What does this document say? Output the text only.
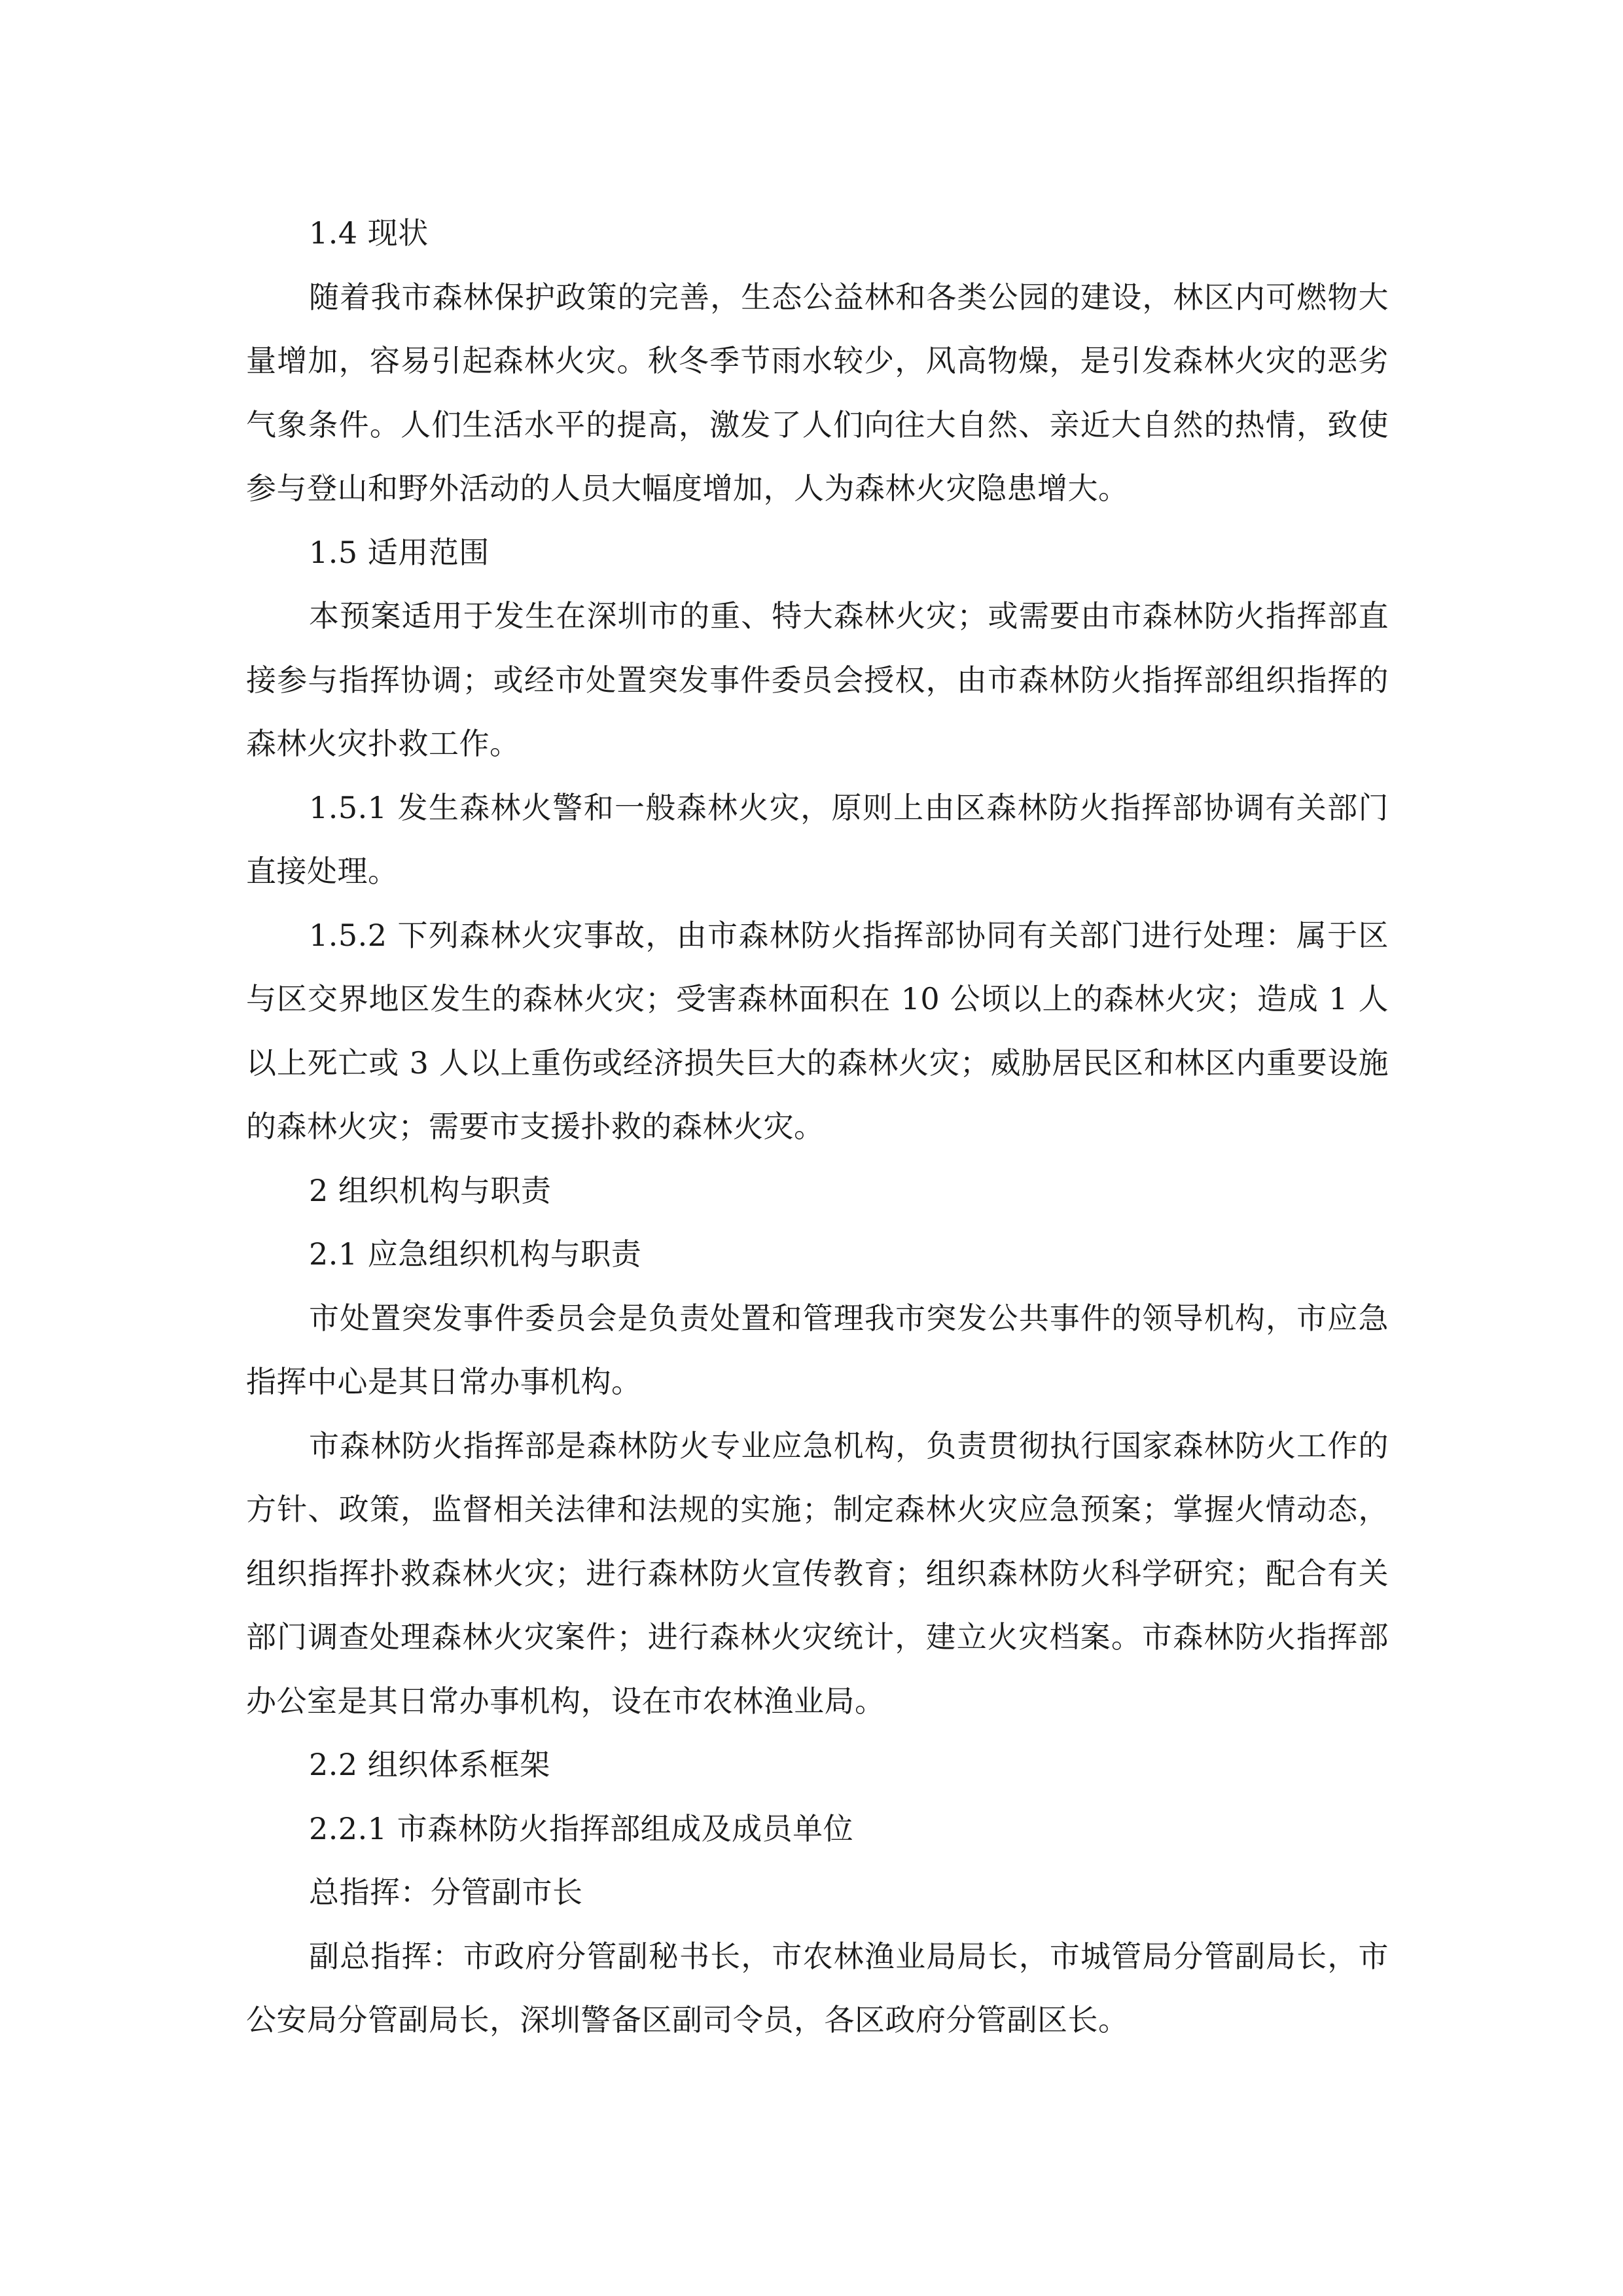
1.4 现状

随着我市森林保护政策的完善，生态公益林和各类公园的建设，林区内可燃物大量增加，容易引起森林火灾。秋冬季节雨水较少，风高物燥，是引发森林火灾的恶劣气象条件。人们生活水平的提高，激发了人们向往大自然、亲近大自然的热情，致使参与登山和野外活动的人员大幅度增加，人为森林火灾隐患增大。

1.5 适用范围

本预案适用于发生在深圳市的重、特大森林火灾；或需要由市森林防火指挥部直接参与指挥协调；或经市处置突发事件委员会授权，由市森林防火指挥部组织指挥的森林火灾扑救工作。

1.5.1 发生森林火警和一般森林火灾，原则上由区森林防火指挥部协调有关部门直接处理。

1.5.2 下列森林火灾事故，由市森林防火指挥部协同有关部门进行处理：属于区与区交界地区发生的森林火灾；受害森林面积在 10 公顷以上的森林火灾；造成 1 人以上死亡或 3 人以上重伤或经济损失巨大的森林火灾；威胁居民区和林区内重要设施的森林火灾；需要市支援扑救的森林火灾。

2 组织机构与职责

2.1 应急组织机构与职责

市处置突发事件委员会是负责处置和管理我市突发公共事件的领导机构，市应急指挥中心是其日常办事机构。

市森林防火指挥部是森林防火专业应急机构，负责贯彻执行国家森林防火工作的方针、政策，监督相关法律和法规的实施；制定森林火灾应急预案；掌握火情动态，组织指挥扑救森林火灾；进行森林防火宣传教育；组织森林防火科学研究；配合有关部门调查处理森林火灾案件；进行森林火灾统计，建立火灾档案。市森林防火指挥部办公室是其日常办事机构，设在市农林渔业局。

2.2 组织体系框架

2.2.1 市森林防火指挥部组成及成员单位

总指挥：分管副市长

副总指挥：市政府分管副秘书长，市农林渔业局局长，市城管局分管副局长，市公安局分管副局长，深圳警备区副司令员，各区政府分管副区长。
